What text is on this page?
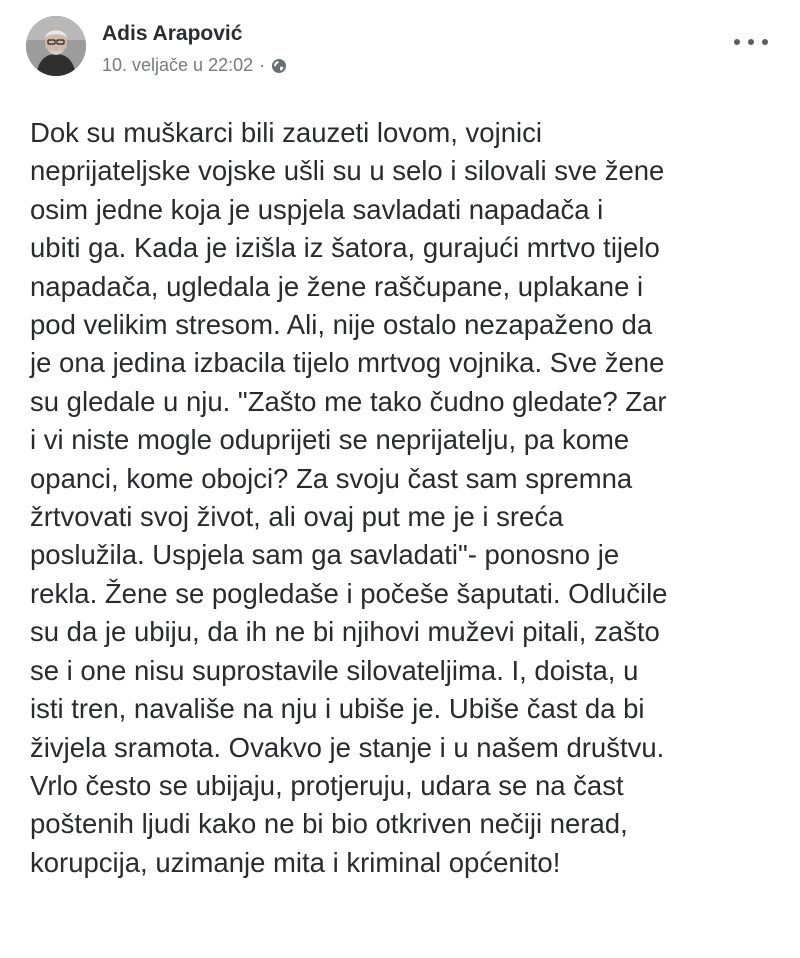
Adis Arapović
10. veljače u 22:02 ·
Dok su muškarci bili zauzeti lovom, vojnici
neprijateljske vojske ušli su u selo i silovali sve žene
osim jedne koja je uspjela savladati napadača i
ubiti ga. Kada je izišla iz šatora, gurajući mrtvo tijelo
napadača, ugledala je žene raščupane, uplakane i
pod velikim stresom. Ali, nije ostalo nezapaženo da
je ona jedina izbacila tijelo mrtvog vojnika. Sve žene
su gledale u nju. "Zašto me tako čudno gledate? Zar
i vi niste mogle oduprijeti se neprijatelju, pa kome
opanci, kome obojci? Za svoju čast sam spremna
žrtvovati svoj život, ali ovaj put me je i sreća
poslužila. Uspjela sam ga savladati"- ponosno je
rekla. Žene se pogledaše i počeše šaputati. Odlučile
su da je ubiju, da ih ne bi njihovi muževi pitali, zašto
se i one nisu suprostavile silovateljima. I, doista, u
isti tren, navališe na nju i ubiše je. Ubiše čast da bi
živjela sramota. Ovakvo je stanje i u našem društvu.
Vrlo često se ubijaju, protjeruju, udara se na čast
poštenih ljudi kako ne bi bio otkriven nečiji nerad,
korupcija, uzimanje mita i kriminal općenito!
